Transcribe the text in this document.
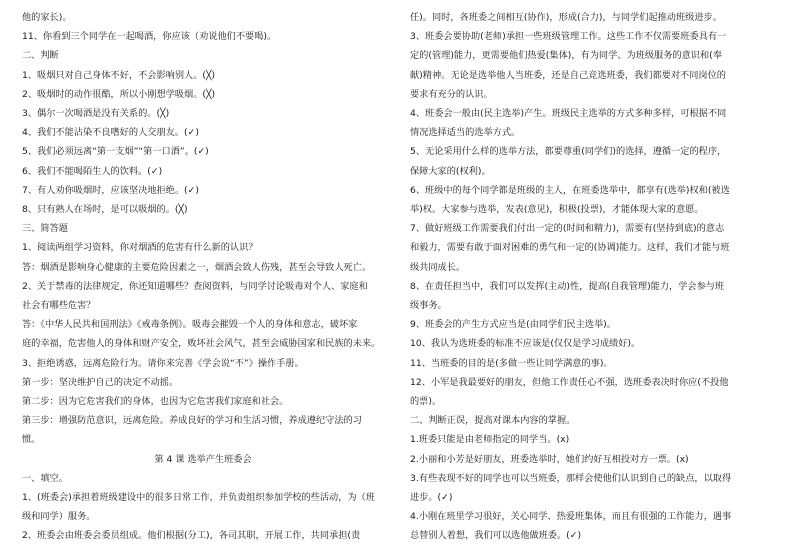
他的家长)。
11、你看到三个同学在一起喝酒，你应该（劝说他们不要喝)。
二、判断
1、吸烟只对自己身体不好，不会影响别人。(╳)
2、吸烟时的动作很酷，所以小刚想学吸烟。(╳)
3、偶尔一次喝酒是没有关系的。(╳)
4、我们不能沾染不良嗜好的人交朋友。(✓)
5、我们必须远离“第一支烟”“第一口酒”。(✓)
6、我们不能喝陌生人的饮料。(✓)
7、有人劝你吸烟时，应该坚决地拒绝。(✓)
8、只有熟人在场时，是可以吸烟的。(╳)
三、简答题
1、阅读两组学习资料，你对烟酒的危害有什么新的认识？
答：烟酒是影响身心健康的主要危险因素之一，烟酒会致人伤残，甚至会导致人死亡。
2、关于禁毒的法律规定，你还知道哪些？查阅资料，与同学讨论吸毒对个人、家庭和
社会有哪些危害？
答：《中华人民共和国刑法》《戒毒条例》。吸毒会摧毁一个人的身体和意志，破坏家
庭的幸福，危害他人的身体和财产安全，败坏社会风气，甚至会威胁国家和民族的未来。
3、拒绝诱惑，远离危险行为。请你来完善《学会说“不”》操作手册。
第一步：坚决维护自己的决定不动摇。
第二步：因为它危害我们的身体，也因为它危害我们家庭和社会。
第三步：增强防范意识，远离危险。养成良好的学习和生活习惯，养成遵纪守法的习
惯。
第 4 课 选举产生班委会
一、填空。
1、(班委会)承担着班级建设中的很多日常工作，并负责组织参加学校的些活动，为（班
级和同学）服务。
2、班委会由班委会委员组成。他们根据(分工)，各司其职，开展工作，共同承担(责
任)。同时，各班委之间相互(协作)，形成(合力)，与同学们起推动班级进步。
3、班委会要协助(老师)承担一些班级管理工作。这些工作不仅需要班委具有一
定的(管理)能力，更需要他们热爱(集体)，有为同学、为班级服务的意识和(奉
献)精神。无论是选举他人当班委，还是自己竞选班委，我们都要对不同岗位的
要求有充分的认识。
4、班委会一般由(民主选举)产生。班级民主选举的方式多种多样，可根据不同
情况选择适当的选举方式。
5、无论采用什么样的选举方法，都要尊重(同学们)的选择，遵循一定的程序，
保障大家的(权利)。
6、班级中的每个同学都是班级的主人，在班委选举中，都享有(选举)权和(被选
举)权。大家参与选举，发表(意见)，积极(投票)，才能体现大家的意愿。
7、做好班级工作需要我们付出一定的(时间和精力)，需要有(坚持到底)的意志
和毅力，需要有敢于面对困难的勇气和一定的(协调)能力。这样，我们才能与班
级共同成长。
8、在责任担当中，我们可以发挥(主动)性，提高(自我管理)能力，学会参与班
级事务。
9、班委会的产生方式应当是(由同学们民主选举)。
10、我认为选班委的标准不应该是(仅仅是学习成绩好)。
11、当班委的目的是(多做一些让同学满意的事)。
12、小军是我最要好的朋友，但他工作责任心不强，选班委表决时你应(不投他
的票)。
二、判断正误，提高对课本内容的掌握。
1.班委只能是由老师指定的同学当。(x)
2.小丽和小芳是好朋友，班委选举时，她们约好互相投对方一票。(x)
3.有些表现不好的同学也可以当班委，那样会使他们认识到自己的缺点，以取得
进步。(✓)
4.小刚在班里学习很好，关心同学、热爱班集体，而且有很强的工作能力，遇事
总替别人着想，我们可以选他做班委。(✓)
